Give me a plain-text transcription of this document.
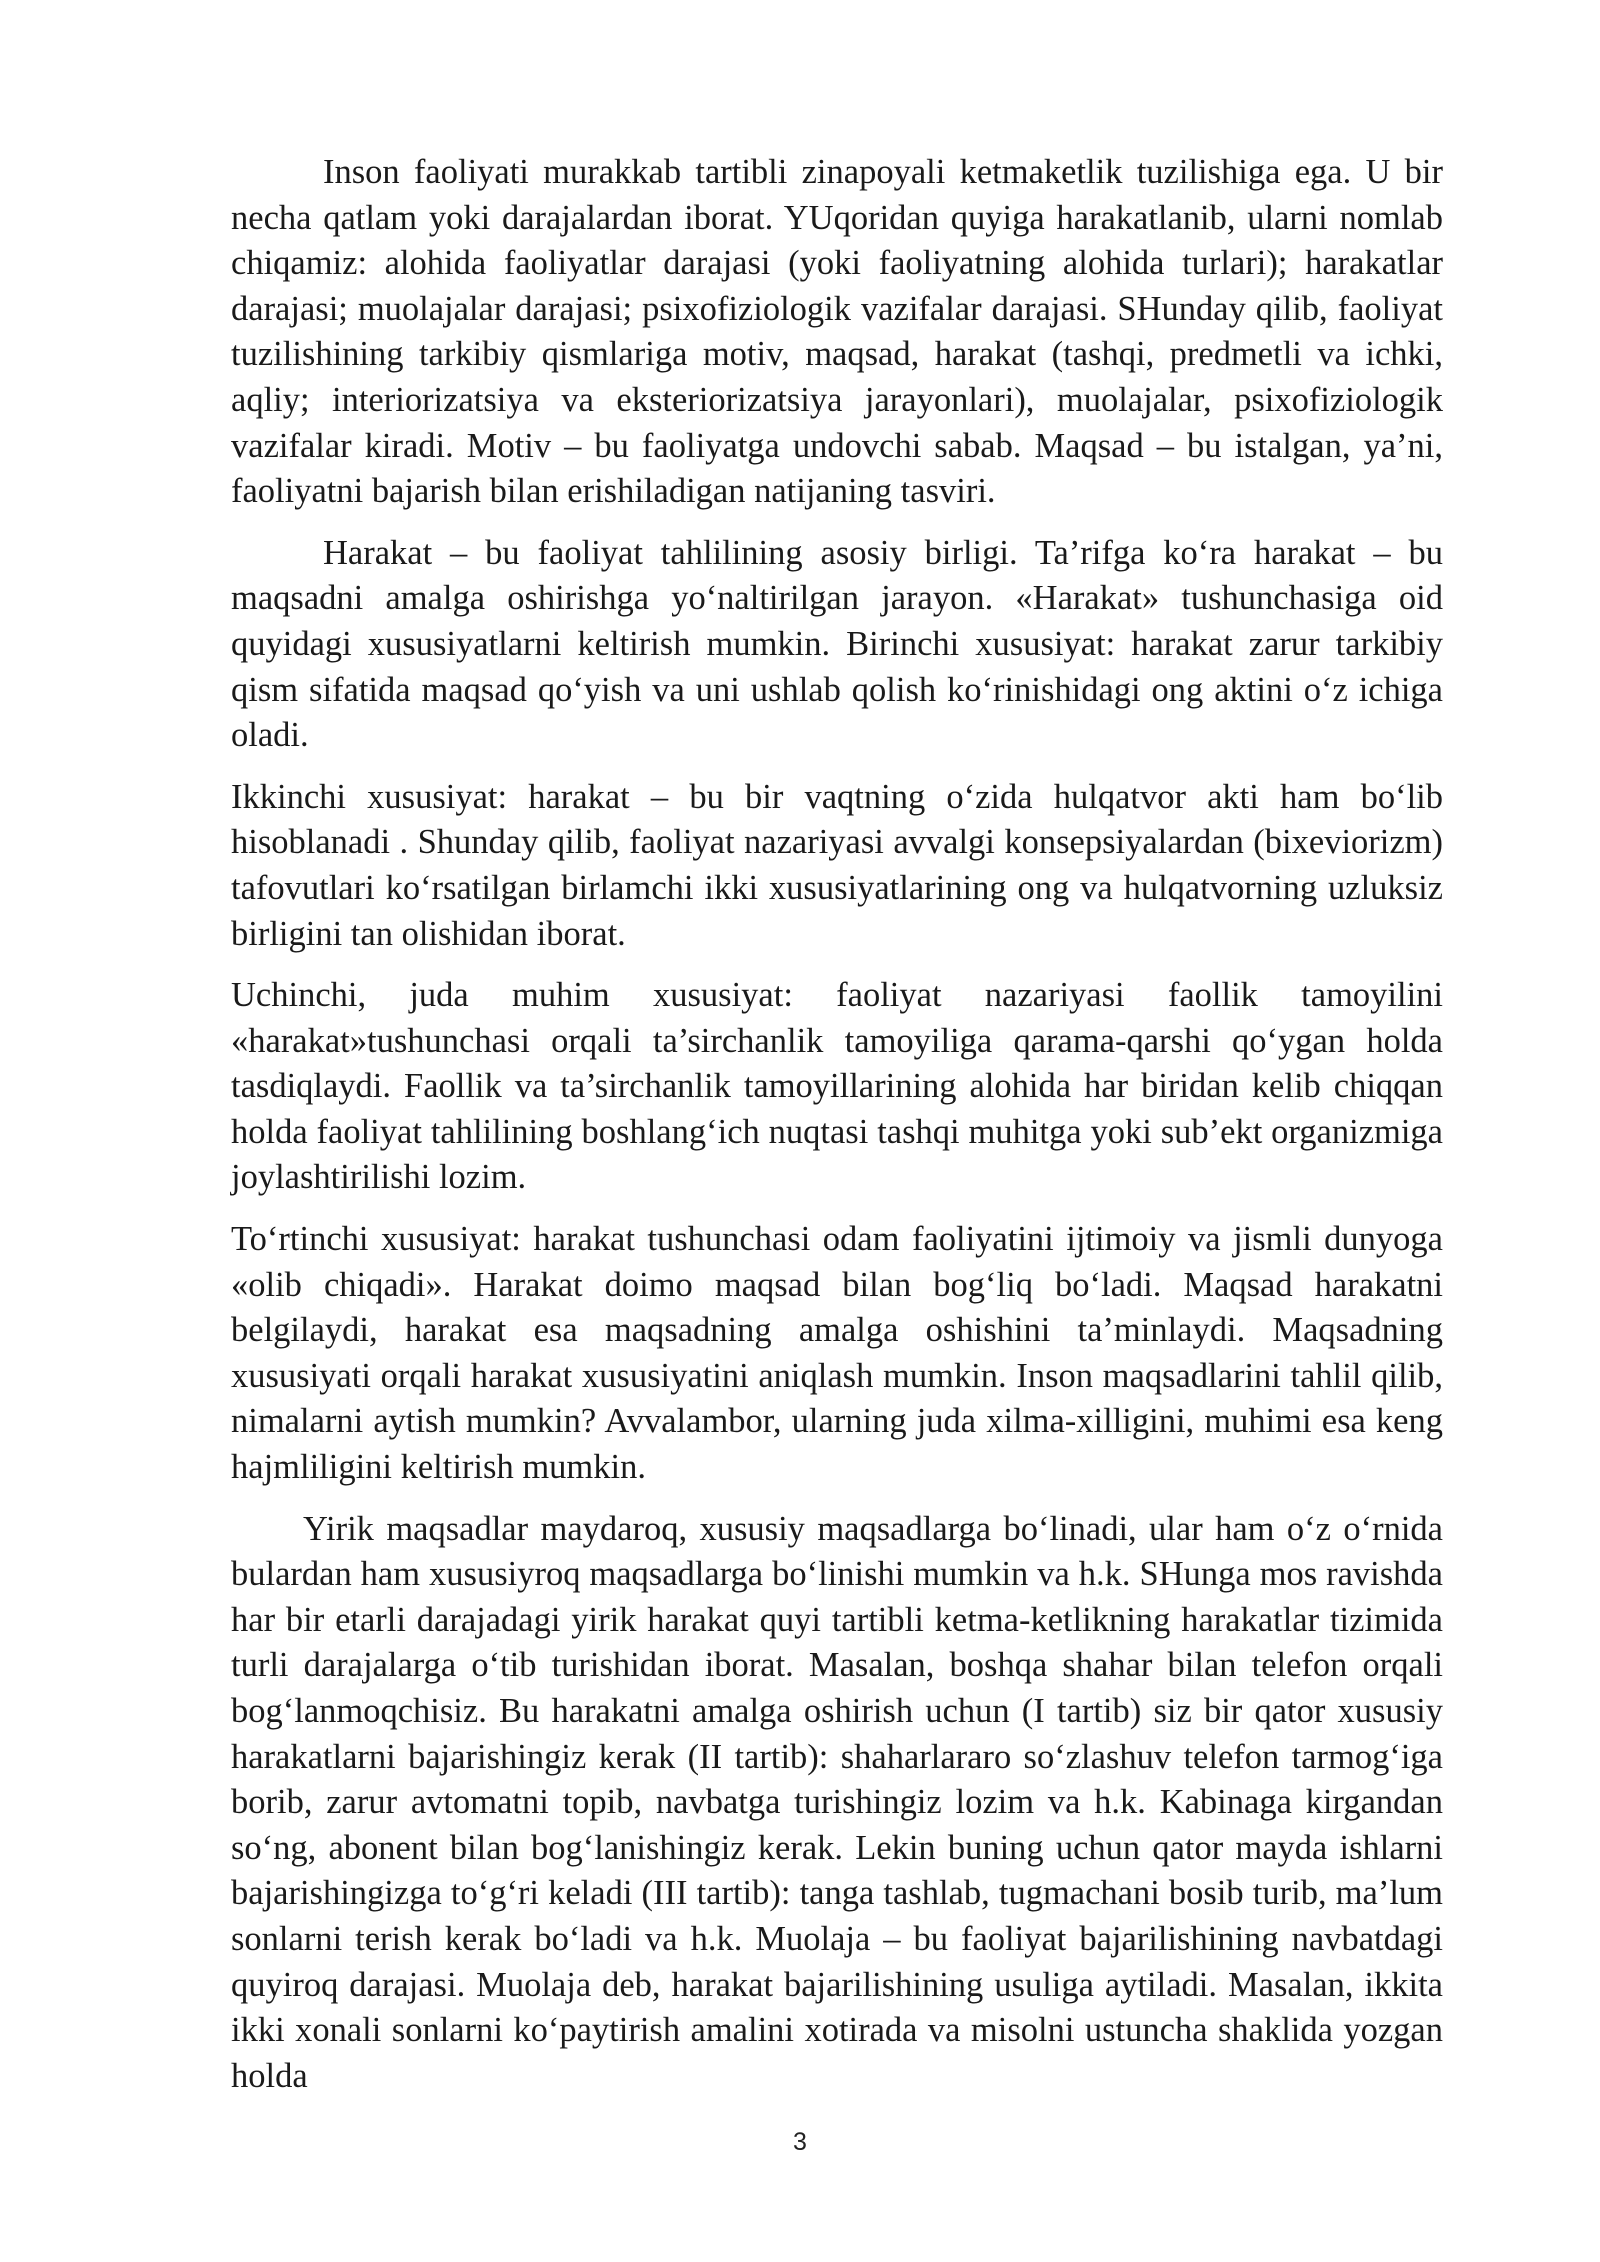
Inson faoliyati murakkab tartibli zinapoyali ketmaketlik tuzilishiga ega. U bir necha qatlam yoki darajalardan iborat. YUqoridan quyiga harakatlanib, ularni nomlab chiqamiz: alohida faoliyatlar darajasi (yoki faoliyatning alohida turlari); harakatlar darajasi; muolajalar darajasi; psixofiziologik vazifalar darajasi. SHunday qilib, faoliyat tuzilishining tarkibiy qismlariga motiv, maqsad, harakat (tashqi, predmetli va ichki, aqliy; interiorizatsiya va eksteriorizatsiya jarayonlari), muolajalar, psixofiziologik vazifalar kiradi. Motiv – bu faoliyatga undovchi sabab. Maqsad – bu istalgan, ya’ni, faoliyatni bajarish bilan erishiladigan natijaning tasviri.

Harakat – bu faoliyat tahlilining asosiy birligi. Ta’rifga ko‘ra harakat – bu maqsadni amalga oshirishga yo‘naltirilgan jarayon. «Harakat» tushunchasiga oid quyidagi xususiyatlarni keltirish mumkin. Birinchi xususiyat: harakat zarur tarkibiy qism sifatida maqsad qo‘yish va uni ushlab qolish ko‘rinishidagi ong aktini o‘z ichiga oladi.

Ikkinchi xususiyat: harakat – bu bir vaqtning o‘zida hulqatvor akti ham bo‘lib hisoblanadi . Shunday qilib, faoliyat nazariyasi avvalgi konsepsiyalardan (bixeviorizm) tafovutlari ko‘rsatilgan birlamchi ikki xususiyatlarining ong va hulqatvorning uzluksiz birligini tan olishidan iborat.

Uchinchi, juda muhim xususiyat: faoliyat nazariyasi faollik tamoyilini «harakat»tushunchasi orqali ta’sirchanlik tamoyiliga qarama-qarshi qo‘ygan holda tasdiqlaydi. Faollik va ta’sirchanlik tamoyillarining alohida har biridan kelib chiqqan holda faoliyat tahlilining boshlang‘ich nuqtasi tashqi muhitga yoki sub’ekt organizmiga joylashtirilishi lozim.

To‘rtinchi xususiyat: harakat tushunchasi odam faoliyatini ijtimoiy va jismli dunyoga «olib chiqadi». Harakat doimo maqsad bilan bog‘liq bo‘ladi. Maqsad harakatni belgilaydi, harakat esa maqsadning amalga oshishini ta’minlaydi. Maqsadning xususiyati orqali harakat xususiyatini aniqlash mumkin. Inson maqsadlarini tahlil qilib, nimalarni aytish mumkin? Avvalambor, ularning juda xilma-xilligini, muhimi esa keng hajmliligini keltirish mumkin.

Yirik maqsadlar maydaroq, xususiy maqsadlarga bo‘linadi, ular ham o‘z o‘rnida bulardan ham xususiyroq maqsadlarga bo‘linishi mumkin va h.k. SHunga mos ravishda har bir etarli darajadagi yirik harakat quyi tartibli ketma-ketlikning harakatlar tizimida turli darajalarga o‘tib turishidan iborat. Masalan, boshqa shahar bilan telefon orqali bog‘lanmoqchisiz. Bu harakatni amalga oshirish uchun (I tartib) siz bir qator xususiy harakatlarni bajarishingiz kerak (II tartib): shaharlararo so‘zlashuv telefon tarmog‘iga borib, zarur avtomatni topib, navbatga turishingiz lozim va h.k. Kabinaga kirgandan so‘ng, abonent bilan bog‘lanishingiz kerak. Lekin buning uchun qator mayda ishlarni bajarishingizga to‘g‘ri keladi (III tartib): tanga tashlab, tugmachani bosib turib, ma’lum sonlarni terish kerak bo‘ladi va h.k. Muolaja – bu faoliyat bajarilishining navbatdagi quyiroq darajasi. Muolaja deb, harakat bajarilishining usuliga aytiladi. Masalan, ikkita ikki xonali sonlarni ko‘paytirish amalini xotirada va misolni ustuncha shaklida yozgan holda

3
